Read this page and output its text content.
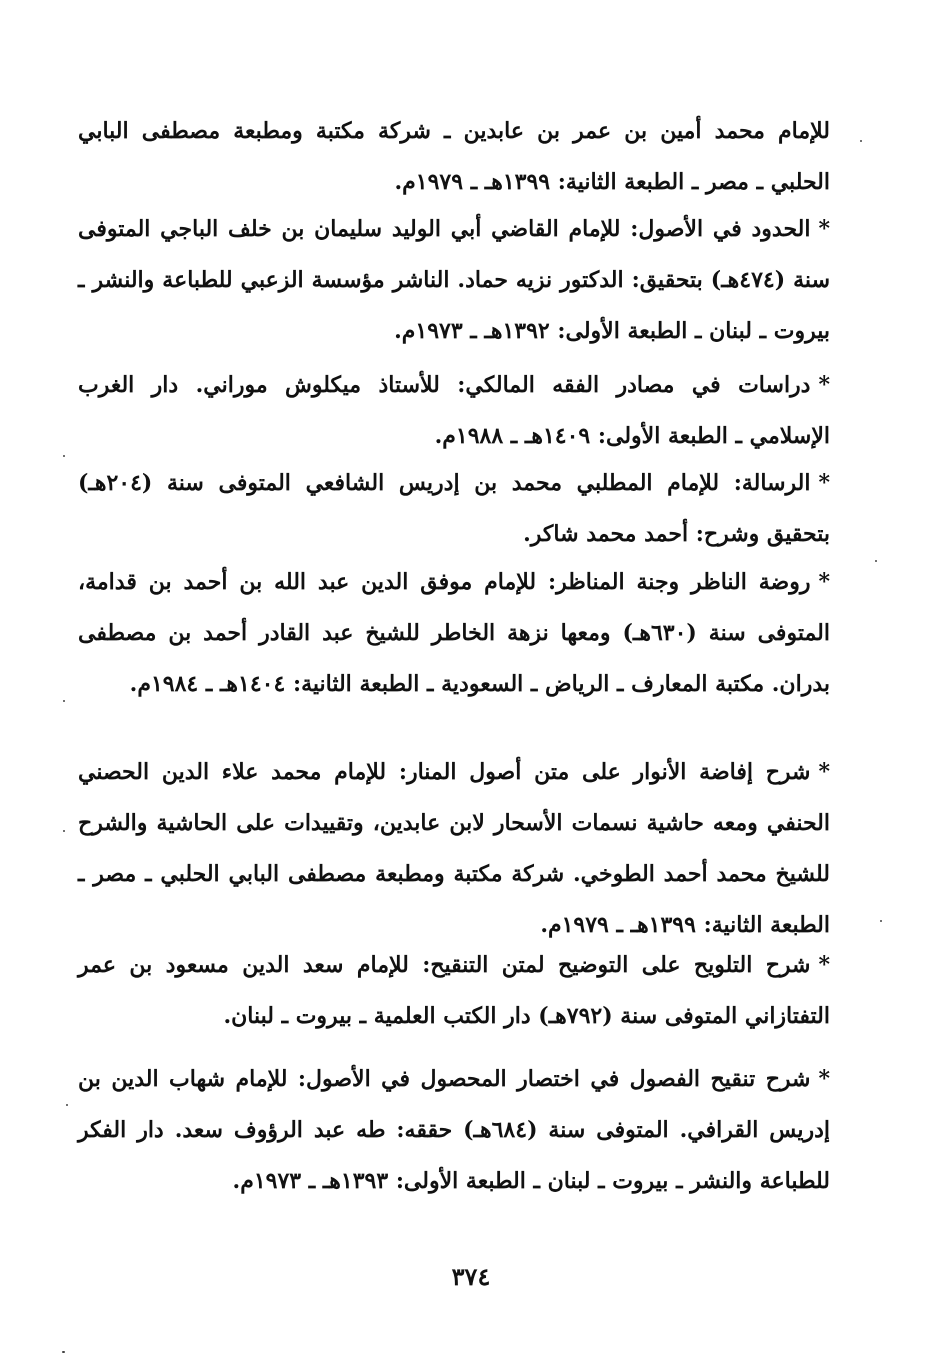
للإمام محمد أمين بن عمر بن عابدين ـ شركة مكتبة ومطبعة مصطفى البابي الحلبي ـ مصر ـ الطبعة الثانية: ١٣٩٩هـ ـ ١٩٧٩م.

*الحدود في الأصول: للإمام القاضي أبي الوليد سليمان بن خلف الباجي المتوفى سنة (٤٧٤هـ) بتحقيق: الدكتور نزيه حماد. الناشر مؤسسة الزعبي للطباعة والنشر ـ بيروت ـ لبنان ـ الطبعة الأولى: ١٣٩٢هـ ـ ١٩٧٣م.

*دراسات في مصادر الفقه المالكي: للأستاذ ميكلوش موراني. دار الغرب الإسلامي ـ الطبعة الأولى: ١٤٠٩هـ ـ ١٩٨٨م.

*الرسالة: للإمام المطلبي محمد بن إدريس الشافعي المتوفى سنة (٢٠٤هـ) بتحقيق وشرح: أحمد محمد شاكر.

*روضة الناظر وجنة المناظر: للإمام موفق الدين عبد الله بن أحمد بن قدامة، المتوفى سنة (٦٣٠هـ) ومعها نزهة الخاطر للشيخ عبد القادر أحمد بن مصطفى بدران. مكتبة المعارف ـ الرياض ـ السعودية ـ الطبعة الثانية: ١٤٠٤هـ ـ ١٩٨٤م.

*شرح إفاضة الأنوار على متن أصول المنار: للإمام محمد علاء الدين الحصني الحنفي ومعه حاشية نسمات الأسحار لابن عابدين، وتقييدات على الحاشية والشرح للشيخ محمد أحمد الطوخي. شركة مكتبة ومطبعة مصطفى البابي الحلبي ـ مصر ـ الطبعة الثانية: ١٣٩٩هـ ـ ١٩٧٩م.

*شرح التلويح على التوضيح لمتن التنقيح: للإمام سعد الدين مسعود بن عمر التفتازاني المتوفى سنة (٧٩٢هـ) دار الكتب العلمية ـ بيروت ـ لبنان.

*شرح تنقيح الفصول في اختصار المحصول في الأصول: للإمام شهاب الدين بن إدريس القرافي. المتوفى سنة (٦٨٤هـ) حققه: طه عبد الرؤوف سعد. دار الفكر للطباعة والنشر ـ بيروت ـ لبنان ـ الطبعة الأولى: ١٣٩٣هـ ـ ١٩٧٣م.

٣٧٤
